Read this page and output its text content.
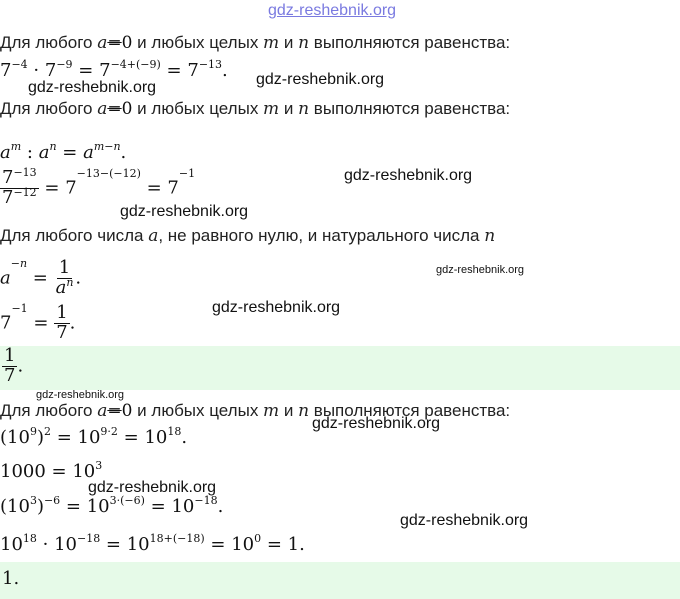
gdz-reshebnik.org
Для любого a=0 и любых целых m и n выполняются равенства:
$7^{-4} \cdot 7^{-9} = 7^{-4+(-9)} = 7^{-13}$. gdz-reshebnik.org
gdz-reshebnik.org
Для любого a=0 и любых целых m и n выполняются равенства:
$a^m$ : $a^n = a^{m-n}$.
$\frac{7^{-13}}{7^{-12}} = 7^{-13-(-12)} = 7^{-1}$	gdz-reshebnik.org
gdz-reshebnik.org
Для любого числа a, не равного нулю, и натурального числа n
$a^{-n} = \frac{1}{a^n}$ .	gdz-reshebnik.org
gdz-reshebnik.org
$7^{-1} = \frac{1}{7}$ .
$\frac{1}{7}$ .
gdz-reshebnik.org
Для любого a=0 и любых целых m и n выполняются равенства:
gdz-reshebnik.org
$(10^9)^2 = 10^{9\cdot 2} = 10^{18}$.
$1000 = 10^3$
gdz-reshebnik.org
$(10^3)^{-6} = 10^{3\cdot(-6)} = 10^{-18}$.
gdz-reshebnik.org
$10^{18} \cdot 10^{-18} = 10^{18+(-18)} = 10^0 = 1$.
1.
